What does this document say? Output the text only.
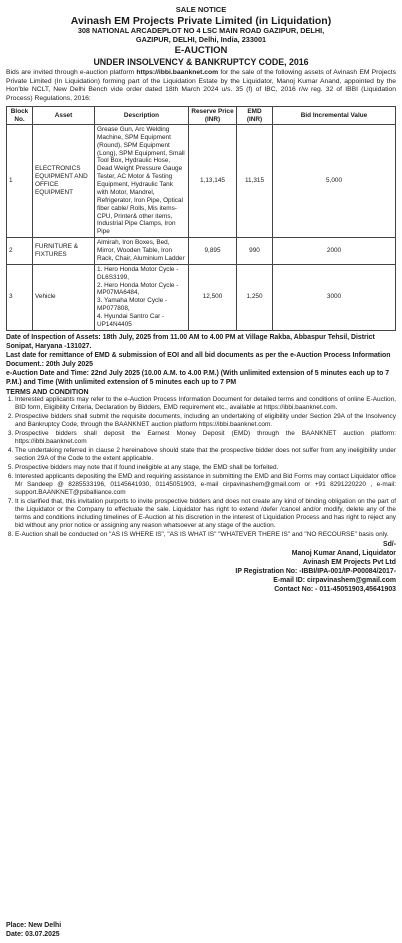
SALE NOTICE
Avinash EM Projects Private Limited (in Liquidation)
308 NATIONAL ARCADEPLOT NO 4 LSC MAIN ROAD GAZIPUR, DELHI,
GAZIPUR, DELHI, Delhi, India, 233001
E-AUCTION
UNDER INSOLVENCY & BANKRUPTCY CODE, 2016
Bids are invited through e-auction platform https://ibbi.baanknet.com for the sale of the following assets of Avinash EM Projects Private Limited (In Liquidation) forming part of the Liquidation Estate by the Liquidator, Manoj Kumar Anand, appointed by the Hon'ble NCLT, New Delhi Bench vide order dated 18th March 2024 u/s. 35 (f) of IBC, 2016 r/w reg. 32 of IBBI (Liquidation Process) Regulations, 2016:
Block No.	Asset	Description	Reserve Price (INR)	EMD (INR)	Bid Incremental Value
1	ELECTRONICS EQUIPMENT AND OFFICE EQUIPMENT	Grease Gun, Arc Welding Machine, SPM Equipment (Round), SPM Equipment (Long), SPM Equipment, Small Tool Box, Hydraulic Hose, Dead Weight Pressure Gauge Tester, AC Motor & Testing Equipment, Hydraulic Tank with Motor, Mandrel, Refrigerator, Iron Pipe, Optical fiber cable/ Rolls, Mis items- CPU, Printer& other items, Industrial Pipe Clamps, Iron Pipe	1,13,145	11,315	5,000
2	FURNITURE & FIXTURES	Almirah, Iron Boxes, Bed, Mirror, Wooden Table, Iron Rack, Chair, Aluminium Ladder	9,895	990	2000
3	Vehicle	1. Hero Honda Motor Cycle -DL6S3199,
2. Hero Honda Motor Cycle - MP07MA6484,
3. Yamaha Motor Cycle - MP077808,
4. Hyundai Santro Car - UP14N4405	12,500	1,250	3000
Date of Inspection of Assets: 18th July, 2025 from 11.00 AM to 4.00 PM at Village Rakba, Abbaspur Tehsil, District Sonipat, Haryana -131027.
Last date for remittance of EMD & submission of EOI and all bid documents as per the e-Auction Process Information Document.: 20th July 2025
e-Auction Date and Time: 22nd July 2025 (10.00 A.M. to 4.00 P.M.) (With unlimited extension of 5 minutes each up to 7 P.M.) and Time (With unlimited extension of 5 minutes each up to 7 PM
TERMS AND CONDITION
1. Interested applicants may refer to the e-Auction Process Information Document for detailed terms and conditions of online E-Auction, BID form, Eligibility Criteria, Declaration by Bidders, EMD requirement etc., available at https://ibbi.baanknet.com.
2. Prospective bidders shall submit the requisite documents, including an undertaking of eligibility under Section 29A of the Insolvency and Bankruptcy Code, through the BAANKNET auction platform https://ibbi.baanknet.com.
3. Prospective bidders shall deposit the Earnest Money Deposit (EMD) through the BAANKNET auction platform: https://ibbi.baanknet.com
4. The undertaking referred in clause 2 hereinabove should state that the prospective bidder does not suffer from any ineligibility under section 29A of the Code to the extent applicable.
5. Prospective bidders may note that if found ineligible at any stage, the EMD shall be forfeited.
6. Interested applicants depositing the EMD and requiring assistance in submitting the EMD and Bid Forms may contact Liquidator office Mr Sandeep @ 8285533196, 01145641930, 01145051903, e-mail cirpavinashem@gmail.com or +91 8291220220 , e-mail: support.BAANKNET@psballiance.com
7. It is clarified that, this invitation purports to invite prospective bidders and does not create any kind of binding obligation on the part of the Liquidator or the Company to effectuate the sale. Liquidator has right to extend /defer /cancel and/or modify, delete any of the terms and conditions including timelines of E-Auction at his discretion in the interest of Liquidation Process and has right to reject any bid without any prior notice or assigning any reason whatsoever at any stage of the auction.
8. E-Auction shall be conducted on "AS IS WHERE IS", "AS IS WHAT IS" "WHATEVER THERE IS" and "NO RECOURSE" basis only.
Sd/-
Manoj Kumar Anand, Liquidator
Avinash EM Projects Pvt Ltd
IP Registration No: -IBBI/IPA-001/IP-P00084/2017-
E-mail ID: cirpavinashem@gmail.com
Contact No: - 011-45051903,45641903
Place: New Delhi
Date: 03.07.2025
